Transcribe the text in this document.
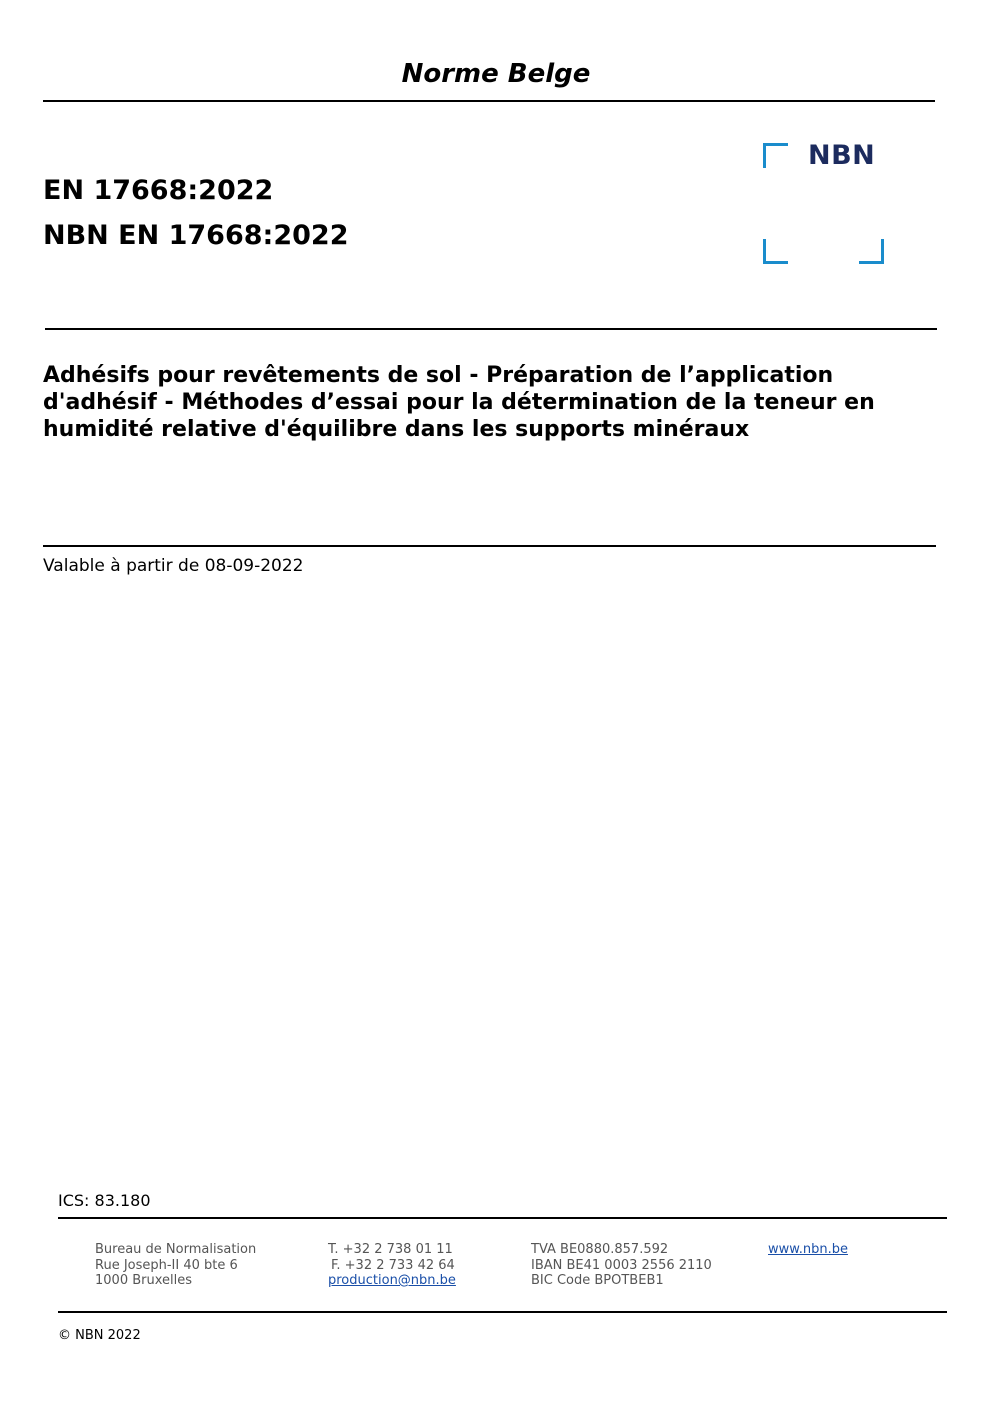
Norme Belge
EN 17668:2022
NBN EN 17668:2022
NBN
Adhésifs pour revêtements de sol - Préparation de l’application d'adhésif - Méthodes d’essai pour la détermination de la teneur en humidité relative d'équilibre dans les supports minéraux
Valable à partir de 08-09-2022
ICS: 83.180
Bureau de Normalisation
Rue Joseph-II 40 bte 6
1000 Bruxelles
T. +32 2 738 01 11
F. +32 2 733 42 64
production@nbn.be
TVA BE0880.857.592
IBAN BE41 0003 2556 2110
BIC Code BPOTBEB1
www.nbn.be
© NBN 2022
